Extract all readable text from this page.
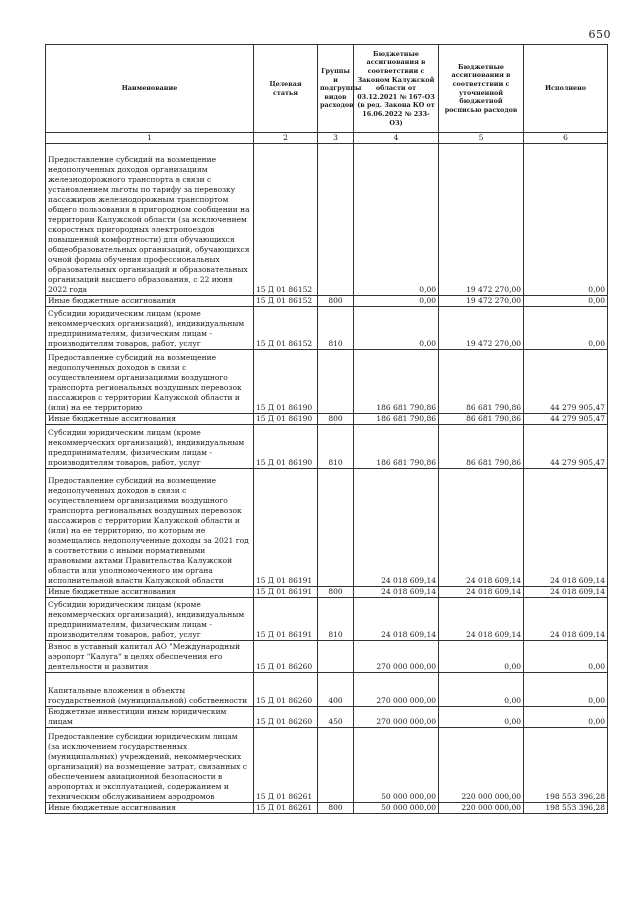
650
Наименование	Целевая статья	Группы и подгруппы видов расходов	Бюджетные ассигнования в соответствии с Законом Калужской области от 03.12.2021 № 167-ОЗ (в ред. Закона КО от 16.06.2022 № 233-ОЗ)	Бюджетные ассигнования в соответствии с уточненной бюджетной росписью расходов	Исполнено
1	2	3	4	5	6
Предоставление субсидий на возмещение недополученных доходов организациям железнодорожного транспорта в связи с установлением льготы по тарифу за перевозку пассажиров железнодорожным транспортом общего пользования в пригородном сообщении на территории Калужской области (за исключением скоростных пригородных электропоездов повышенной комфортности) для обучающихся общеобразовательных организаций, обучающихся очной формы обучения профессиональных образовательных организаций и образовательных организаций высшего образования, с 22 июня 2022 года	15 Д 01 86152		0,00	19 472 270,00	0,00
Иные бюджетные ассигнования	15 Д 01 86152	800	0,00	19 472 270,00	0,00
Субсидии юридическим лицам (кроме некоммерческих организаций), индивидуальным предпринимателям, физическим лицам - производителям товаров, работ, услуг	15 Д 01 86152	810	0,00	19 472 270,00	0,00
Предоставление субсидий на возмещение недополученных доходов в связи с осуществлением организациями воздушного транспорта региональных воздушных перевозок пассажиров с территории Калужской области и (или) на ее территорию	15 Д 01 86190		186 681 790,86	86 681 790,86	44 279 905,47
Иные бюджетные ассигнования	15 Д 01 86190	800	186 681 790,86	86 681 790,86	44 279 905,47
Субсидии юридическим лицам (кроме некоммерческих организаций), индивидуальным предпринимателям, физическим лицам - производителям товаров, работ, услуг	15 Д 01 86190	810	186 681 790,86	86 681 790,86	44 279 905,47
Предоставление субсидий на возмещение недополученных доходов в связи с осуществлением организациями воздушного транспорта региональных воздушных перевозок пассажиров с территории Калужской области и (или) на ее территорию, по которым не возмещались недополученные доходы за 2021 год в соответствии с иными нормативными правовыми актами Правительства Калужской области или уполномоченного им органа исполнительной власти Калужской области	15 Д 01 86191		24 018 609,14	24 018 609,14	24 018 609,14
Иные бюджетные ассигнования	15 Д 01 86191	800	24 018 609,14	24 018 609,14	24 018 609,14
Субсидии юридическим лицам (кроме некоммерческих организаций), индивидуальным предпринимателям, физическим лицам - производителям товаров, работ, услуг	15 Д 01 86191	810	24 018 609,14	24 018 609,14	24 018 609,14
Взнос в уставный капитал АО "Международный аэропорт "Калуга" в целях обеспечения его деятельности и развития	15 Д 01 86260		270 000 000,00	0,00	0,00
Капитальные вложения в объекты государственной (муниципальной) собственности	15 Д 01 86260	400	270 000 000,00	0,00	0,00
Бюджетные инвестиции иным юридическим лицам	15 Д 01 86260	450	270 000 000,00	0,00	0,00
Предоставление субсидии юридическим лицам (за исключением государственных (муниципальных) учреждений, некоммерческих организаций) на возмещение затрат, связанных с обеспечением авиационной безопасности в аэропортах и эксплуатацией, содержанием и техническим обслуживанием аэродромов	15 Д 01 86261		50 000 000,00	220 000 000,00	198 553 396,28
Иные бюджетные ассигнования	15 Д 01 86261	800	50 000 000,00	220 000 000,00	198 553 396,28
